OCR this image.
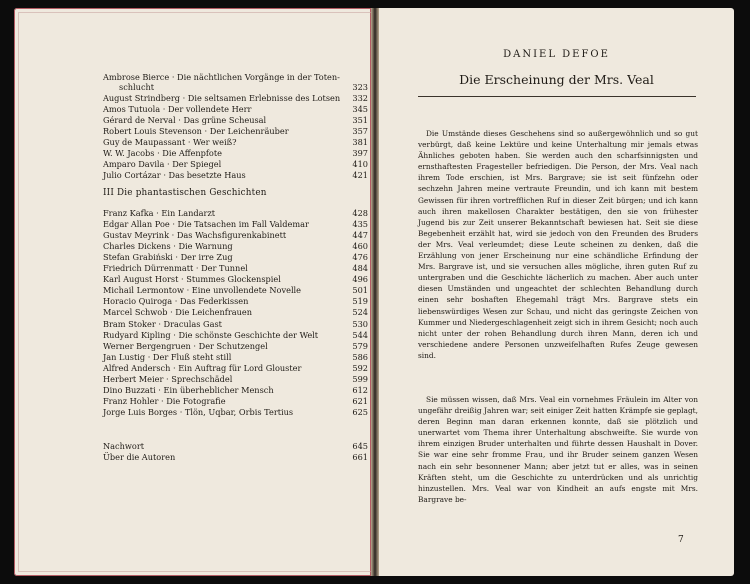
Ambrose Bierce · Die nächtlichen Vorgänge in der Toten-
schlucht	323
August Strindberg · Die seltsamen Erlebnisse des Lotsen	332
Amos Tutuola · Der vollendete Herr	345
Gérard de Nerval · Das grüne Scheusal	351
Robert Louis Stevenson · Der Leichenräuber	357
Guy de Maupassant · Wer weiß?	381
W. W. Jacobs · Die Affenpfote	397
Amparo Davila · Der Spiegel	410
Julio Cortázar · Das besetzte Haus	421
III Die phantastischen Geschichten
Franz Kafka · Ein Landarzt	428
Edgar Allan Poe · Die Tatsachen im Fall Valdemar	435
Gustav Meyrink · Das Wachsfigurenkabinett	447
Charles Dickens · Die Warnung	460
Stefan Grabiński · Der irre Zug	476
Friedrich Dürrenmatt · Der Tunnel	484
Karl August Horst · Stummes Glockenspiel	496
Michail Lermontow · Eine unvollendete Novelle	501
Horacio Quiroga · Das Federkissen	519
Marcel Schwob · Die Leichenfrauen	524
Bram Stoker · Draculas Gast	530
Rudyard Kipling · Die schönste Geschichte der Welt	544
Werner Bergengruen · Der Schutzengel	579
Jan Lustig · Der Fluß steht still	586
Alfred Andersch · Ein Auftrag für Lord Glouster	592
Herbert Meier · Sprechschädel	599
Dino Buzzati · Ein überheblicher Mensch	612
Franz Hohler · Die Fotografie	621
Jorge Luis Borges · Tlön, Uqbar, Orbis Tertius	625
Nachwort	645
Über die Autoren	661
DANIEL DEFOE
Die Erscheinung der Mrs. Veal

Die Umstände dieses Geschehens sind so außergewöhnlich und so gut verbürgt, daß keine Lektüre und keine Unterhaltung mir jemals etwas Ähnliches geboten haben. Sie werden auch den scharfsinnigsten und ernsthaftesten Fragesteller befriedigen. Die Person, der Mrs. Veal nach ihrem Tode erschien, ist Mrs. Bargrave; sie ist seit fünfzehn oder sechzehn Jahren meine vertraute Freundin, und ich kann mit bestem Gewissen für ihren vortrefflichen Ruf in dieser Zeit bürgen; und ich kann auch ihren makellosen Charakter bestätigen, den sie von frühester Jugend bis zur Zeit unserer Bekanntschaft bewiesen hat. Seit sie diese Begebenheit erzählt hat, wird sie jedoch von den Freunden des Bruders der Mrs. Veal verleumdet; diese Leute scheinen zu denken, daß die Erzählung von jener Erscheinung nur eine schändliche Erfindung der Mrs. Bargrave ist, und sie versuchen alles mögliche, ihren guten Ruf zu untergraben und die Geschichte lächerlich zu machen. Aber auch unter diesen Umständen und ungeachtet der schlechten Behandlung durch einen sehr boshaften Ehegemahl trägt Mrs. Bargrave stets ein liebenswürdiges Wesen zur Schau, und nicht das geringste Zeichen von Kummer und Niedergeschlagenheit zeigt sich in ihrem Gesicht; noch auch nicht unter der rohen Behandlung durch ihren Mann, deren ich und verschiedene andere Personen unzweifelhaften Rufes Zeuge gewesen sind.

Sie müssen wissen, daß Mrs. Veal ein vornehmes Fräulein im Alter von ungefähr dreißig Jahren war; seit einiger Zeit hatten Krämpfe sie geplagt, deren Beginn man daran erkennen konnte, daß sie plötzlich und unerwartet vom Thema ihrer Unterhaltung abschweifte. Sie wurde von ihrem einzigen Bruder unterhalten und führte dessen Haushalt in Dover. Sie war eine sehr fromme Frau, und ihr Bruder seinem ganzen Wesen nach ein sehr besonnener Mann; aber jetzt tut er alles, was in seinen Kräften steht, um die Geschichte zu unterdrücken und als unrichtig hinzustellen. Mrs. Veal war von Kindheit an aufs engste mit Mrs. Bargrave be-

7
